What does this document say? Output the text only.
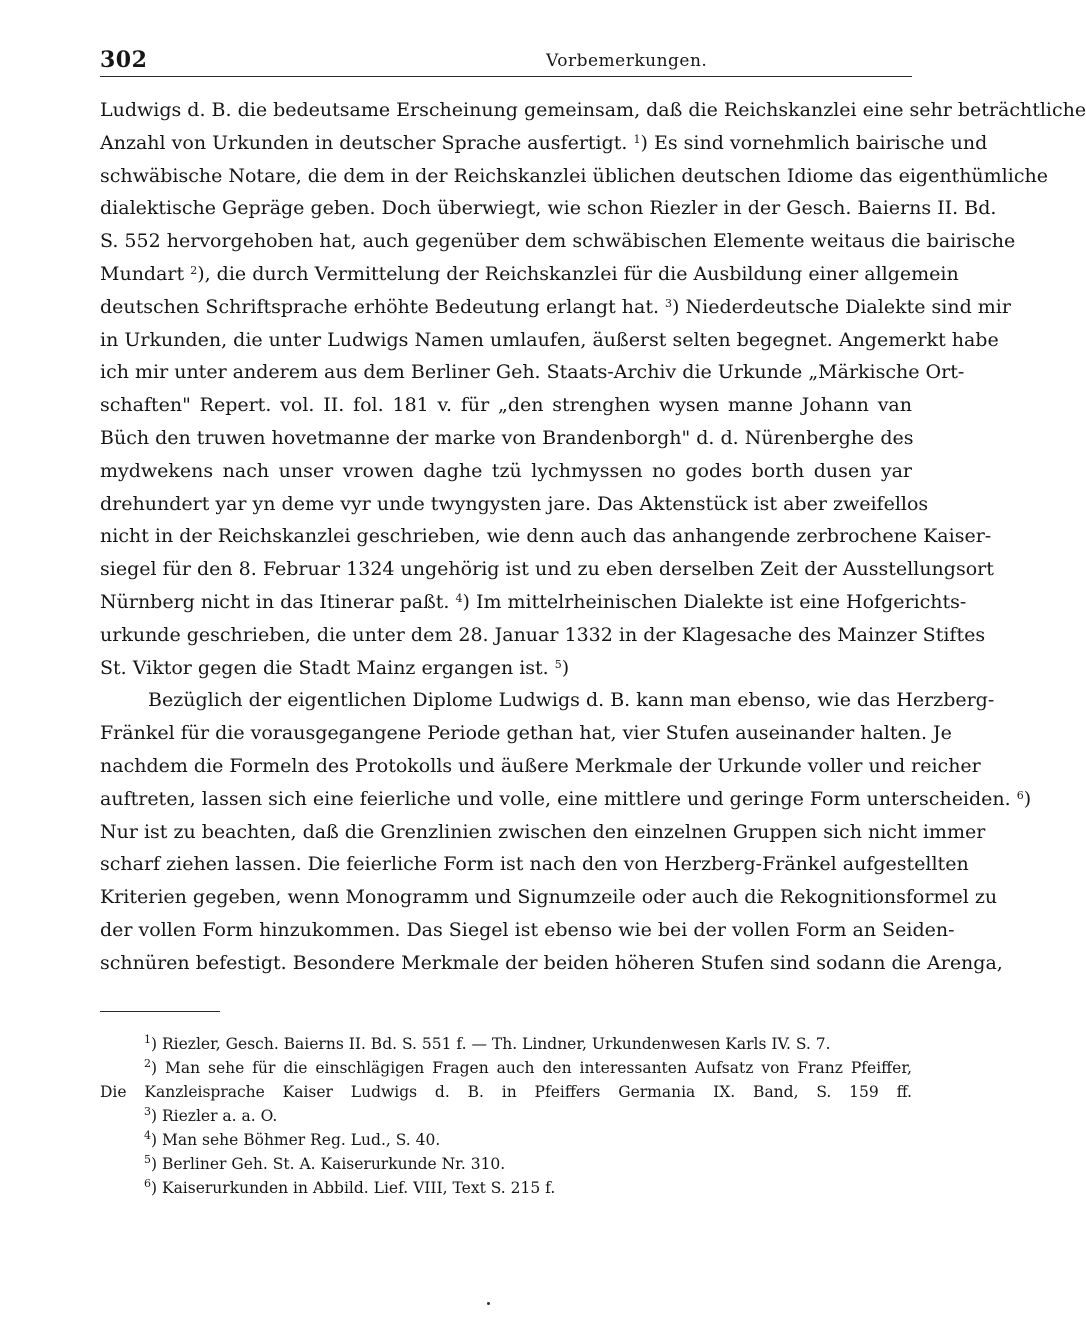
302	Vorbemerkungen.
Ludwigs d. B. die bedeutsame Erscheinung gemeinsam, daß die Reichskanzlei eine sehr beträchtliche
Anzahl von Urkunden in deutscher Sprache ausfertigt. $^1$) Es sind vornehmlich bairische und
schwäbische Notare, die dem in der Reichskanzlei üblichen deutschen Idiome das eigenthümliche
dialektische Gepräge geben. Doch überwiegt, wie schon Riezler in der Gesch. Baierns II. Bd.
S. 552 hervorgehoben hat, auch gegenüber dem schwäbischen Elemente weitaus die bairische
Mundart $^2$), die durch Vermittelung der Reichskanzlei für die Ausbildung einer allgemein
deutschen Schriftsprache erhöhte Bedeutung erlangt hat. $^3$) Niederdeutsche Dialekte sind mir
in Urkunden, die unter Ludwigs Namen umlaufen, äußerst selten begegnet. Angemerkt habe
ich mir unter anderem aus dem Berliner Geh. Staats-Archiv die Urkunde „Märkische Ort-
schaften" Repert. vol. II. fol. 181 v. für „den strenghen wysen manne Johann van
Büch den truwen hovetmanne der marke von Brandenborgh" d. d. Nürenberghe des
mydwekens nach unser vrowen daghe tzü lychmyssen no godes borth dusen yar
drehundert yar yn deme vyr unde twyngysten jare. Das Aktenstück ist aber zweifellos
nicht in der Reichskanzlei geschrieben, wie denn auch das anhangende zerbrochene Kaiser-
siegel für den 8. Februar 1324 ungehörig ist und zu eben derselben Zeit der Ausstellungsort
Nürnberg nicht in das Itinerar paßt. $^4$) Im mittelrheinischen Dialekte ist eine Hofgerichts-
urkunde geschrieben, die unter dem 28. Januar 1332 in der Klagesache des Mainzer Stiftes
St. Viktor gegen die Stadt Mainz ergangen ist. $^5$)
Bezüglich der eigentlichen Diplome Ludwigs d. B. kann man ebenso, wie das Herzberg-
Fränkel für die vorausgegangene Periode gethan hat, vier Stufen auseinander halten. Je
nachdem die Formeln des Protokolls und äußere Merkmale der Urkunde voller und reicher
auftreten, lassen sich eine feierliche und volle, eine mittlere und geringe Form unterscheiden. $^6$)
Nur ist zu beachten, daß die Grenzlinien zwischen den einzelnen Gruppen sich nicht immer
scharf ziehen lassen. Die feierliche Form ist nach den von Herzberg-Fränkel aufgestellten
Kriterien gegeben, wenn Monogramm und Signumzeile oder auch die Rekognitionsformel zu
der vollen Form hinzukommen. Das Siegel ist ebenso wie bei der vollen Form an Seiden-
schnüren befestigt. Besondere Merkmale der beiden höheren Stufen sind sodann die Arenga,
$^1$) Riezler, Gesch. Baierns II. Bd. S. 551 f. — Th. Lindner, Urkundenwesen Karls IV. S. 7.
$^2$) Man sehe für die einschlägigen Fragen auch den interessanten Aufsatz von Franz Pfeiffer,
Die Kanzleisprache Kaiser Ludwigs d. B. in Pfeiffers Germania IX. Band, S. 159 ff.
$^3$) Riezler a. a. O.
$^4$) Man sehe Böhmer Reg. Lud., S. 40.
$^5$) Berliner Geh. St. A. Kaiserurkunde Nr. 310.
$^6$) Kaiserurkunden in Abbild. Lief. VIII, Text S. 215 f.
